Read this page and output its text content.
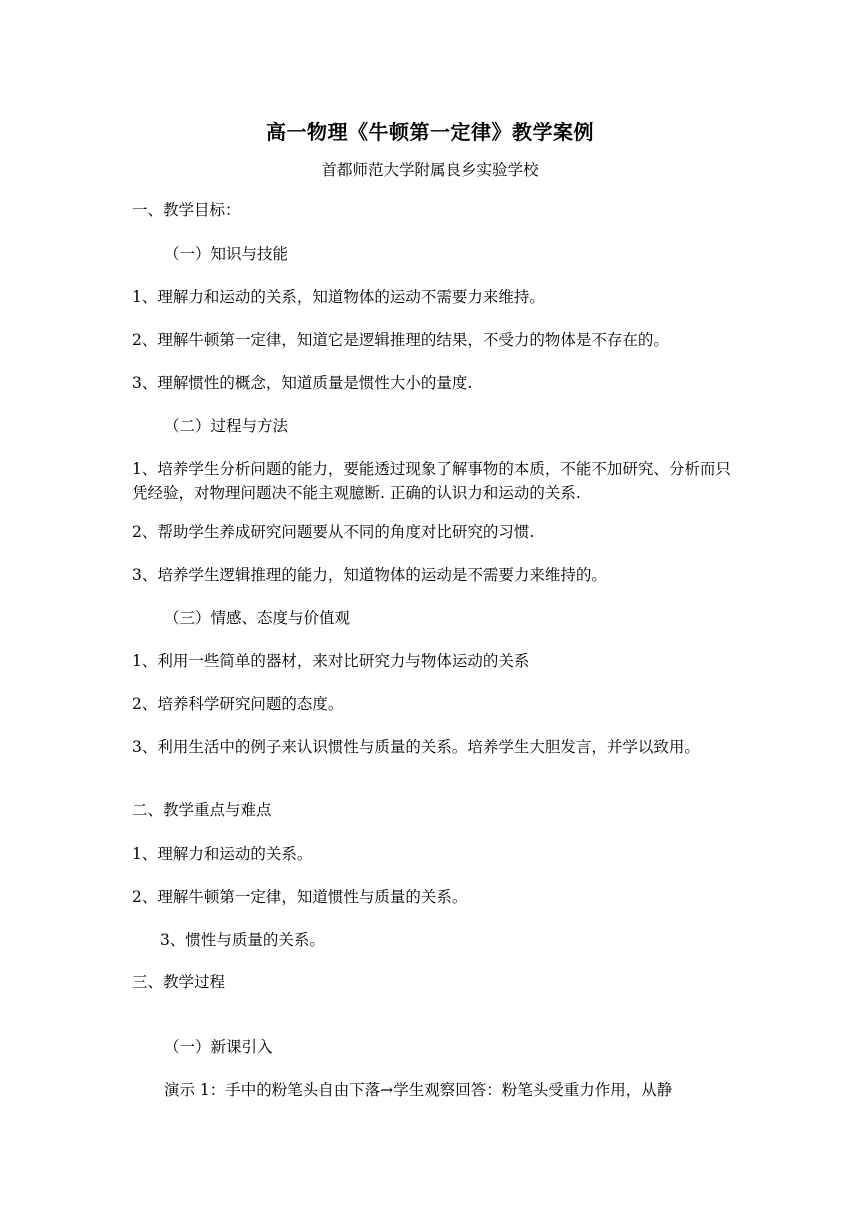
高一物理《牛顿第一定律》教学案例
首都师范大学附属良乡实验学校
一、教学目标：
（一）知识与技能
1、理解力和运动的关系，知道物体的运动不需要力来维持。
2、理解牛顿第一定律，知道它是逻辑推理的结果，不受力的物体是不存在的。
3、理解惯性的概念，知道质量是惯性大小的量度.
（二）过程与方法
1、培养学生分析问题的能力，要能透过现象了解事物的本质，不能不加研究、分析而只凭经验，对物理问题决不能主观臆断. 正确的认识力和运动的关系.
2、帮助学生养成研究问题要从不同的角度对比研究的习惯.
3、培养学生逻辑推理的能力，知道物体的运动是不需要力来维持的。
（三）情感、态度与价值观
1、利用一些简单的器材，来对比研究力与物体运动的关系
2、培养科学研究问题的态度。
3、利用生活中的例子来认识惯性与质量的关系。培养学生大胆发言，并学以致用。
二、教学重点与难点
1、理解力和运动的关系。
2、理解牛顿第一定律，知道惯性与质量的关系。
3、惯性与质量的关系。
三、教学过程
（一）新课引入
演示 1：手中的粉笔头自由下落→学生观察回答：粉笔头受重力作用，从静
